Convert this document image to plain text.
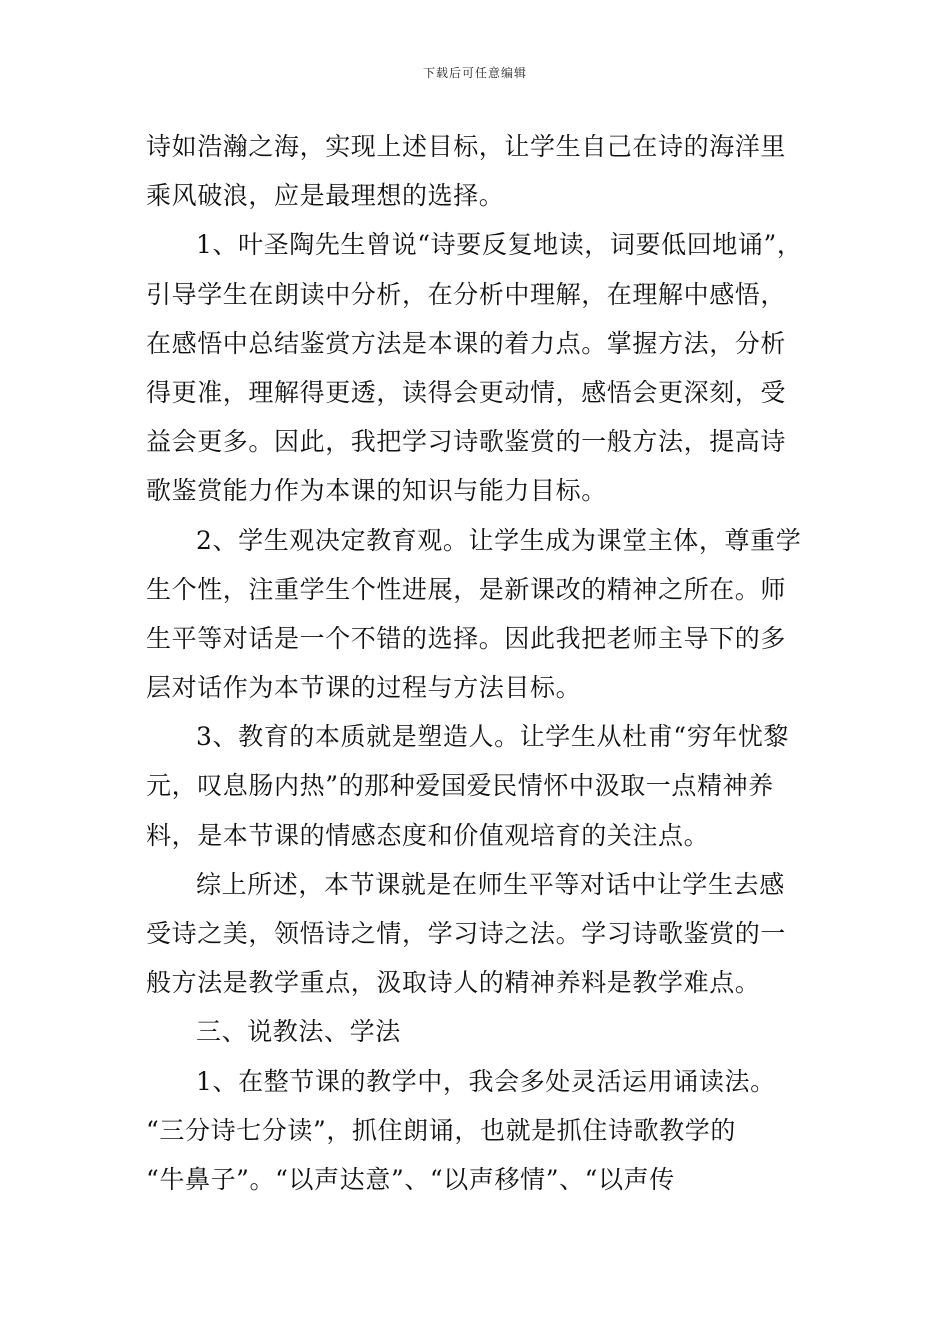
下载后可任意编辑
诗如浩瀚之海，实现上述目标，让学生自己在诗的海洋里
乘风破浪，应是最理想的选择。
1、叶圣陶先生曾说“诗要反复地读，词要低回地诵”，
引导学生在朗读中分析，在分析中理解，在理解中感悟，
在感悟中总结鉴赏方法是本课的着力点。掌握方法，分析
得更准，理解得更透，读得会更动情，感悟会更深刻，受
益会更多。因此，我把学习诗歌鉴赏的一般方法，提高诗
歌鉴赏能力作为本课的知识与能力目标。
2、学生观决定教育观。让学生成为课堂主体，尊重学
生个性，注重学生个性进展，是新课改的精神之所在。师
生平等对话是一个不错的选择。因此我把老师主导下的多
层对话作为本节课的过程与方法目标。
3、教育的本质就是塑造人。让学生从杜甫“穷年忧黎
元，叹息肠内热”的那种爱国爱民情怀中汲取一点精神养
料，是本节课的情感态度和价值观培育的关注点。
综上所述，本节课就是在师生平等对话中让学生去感
受诗之美，领悟诗之情，学习诗之法。学习诗歌鉴赏的一
般方法是教学重点，汲取诗人的精神养料是教学难点。
三、说教法、学法
1、在整节课的教学中，我会多处灵活运用诵读法。
“三分诗七分读”，抓住朗诵，也就是抓住诗歌教学的
“牛鼻子”。“以声达意”、“以声移情”、“以声传
